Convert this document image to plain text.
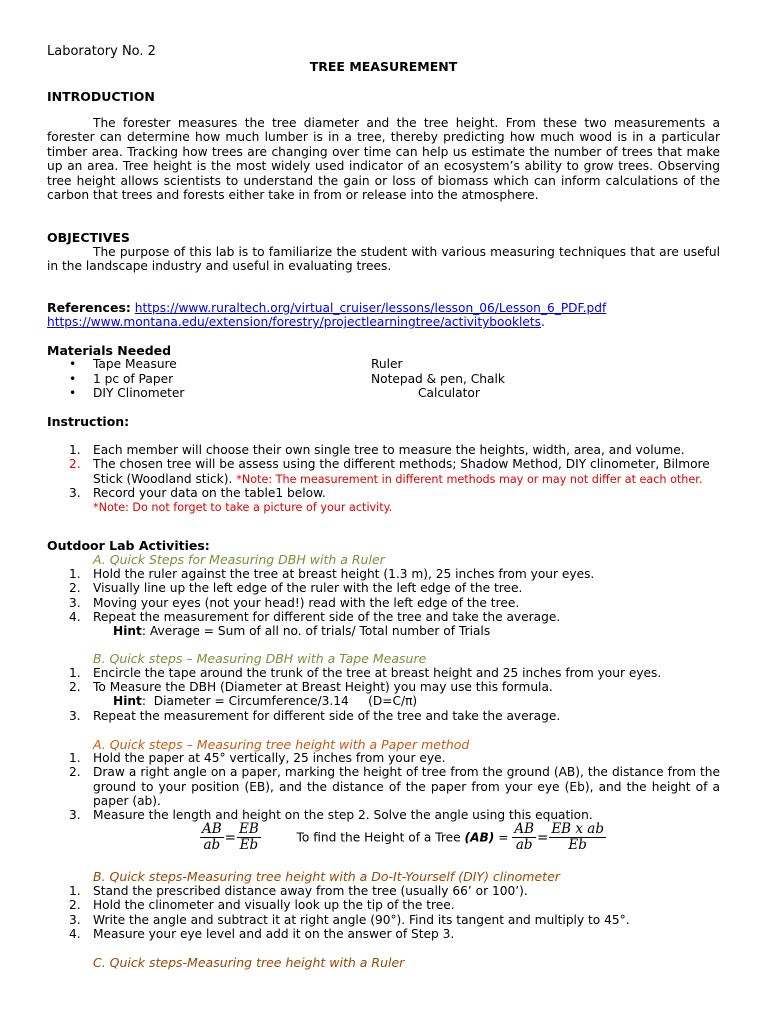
Laboratory No. 2
TREE MEASUREMENT
INTRODUCTION

The forester measures the tree diameter and the tree height. From these two measurements a forester can determine how much lumber is in a tree, thereby predicting how much wood is in a particular timber area. Tracking how trees are changing over time can help us estimate the number of trees that make up an area. Tree height is the most widely used indicator of an ecosystem’s ability to grow trees. Observing tree height allows scientists to understand the gain or loss of biomass which can inform calculations of the carbon that trees and forests either take in from or release into the atmosphere.

OBJECTIVES

The purpose of this lab is to familiarize the student with various measuring techniques that are useful in the landscape industry and useful in evaluating trees.

References: https://www.ruraltech.org/virtual_cruiser/lessons/lesson_06/Lesson_6_PDF.pdf
https://www.montana.edu/extension/forestry/projectlearningtree/activitybooklets.
Materials Needed
• Tape Measure	Ruler
• 1 pc of Paper	Notepad & pen, Chalk
• DIY Clinometer	Calculator
Instruction:
1. Each member will choose their own single tree to measure the heights, width, area, and volume.
2. The chosen tree will be assess using the different methods; Shadow Method, DIY clinometer, Bilmore Stick (Woodland stick). *Note: The measurement in different methods may or may not differ at each other.
3. Record your data on the table1 below.
*Note: Do not forget to take a picture of your activity.
Outdoor Lab Activities:
A. Quick Steps for Measuring DBH with a Ruler
1. Hold the ruler against the tree at breast height (1.3 m), 25 inches from your eyes.
2. Visually line up the left edge of the ruler with the left edge of the tree.
3. Moving your eyes (not your head!) read with the left edge of the tree.
4. Repeat the measurement for different side of the tree and take the average.
Hint: Average = Sum of all no. of trials/ Total number of Trials
B. Quick steps – Measuring DBH with a Tape Measure
1. Encircle the tape around the trunk of the tree at breast height and 25 inches from your eyes.
2. To Measure the DBH (Diameter at Breast Height) you may use this formula.
Hint:  Diameter = Circumference/3.14     (D=C/π)
3. Repeat the measurement for different side of the tree and take the average.
A. Quick steps – Measuring tree height with a Paper method
1. Hold the paper at 45° vertically, 25 inches from your eye.
2. Draw a right angle on a paper, marking the height of tree from the ground (AB), the distance from the ground to your position (EB), and the distance of the paper from your eye (Eb), and the height of a paper (ab).
3. Measure the length and height on the step 2. Solve the angle using this equation.
$\frac{AB}{ab} = \frac{EB}{Eb}$	To find the Height of a Tree $(AB) = \frac{AB}{ab} = \frac{\text{EB x ab}}{Eb}$
B. Quick steps-Measuring tree height with a Do-It-Yourself (DIY) clinometer
1. Stand the prescribed distance away from the tree (usually 66’ or 100’).
2. Hold the clinometer and visually look up the tip of the tree.
3. Write the angle and subtract it at right angle (90°). Find its tangent and multiply to 45°.
4. Measure your eye level and add it on the answer of Step 3.
C. Quick steps-Measuring tree height with a Ruler
